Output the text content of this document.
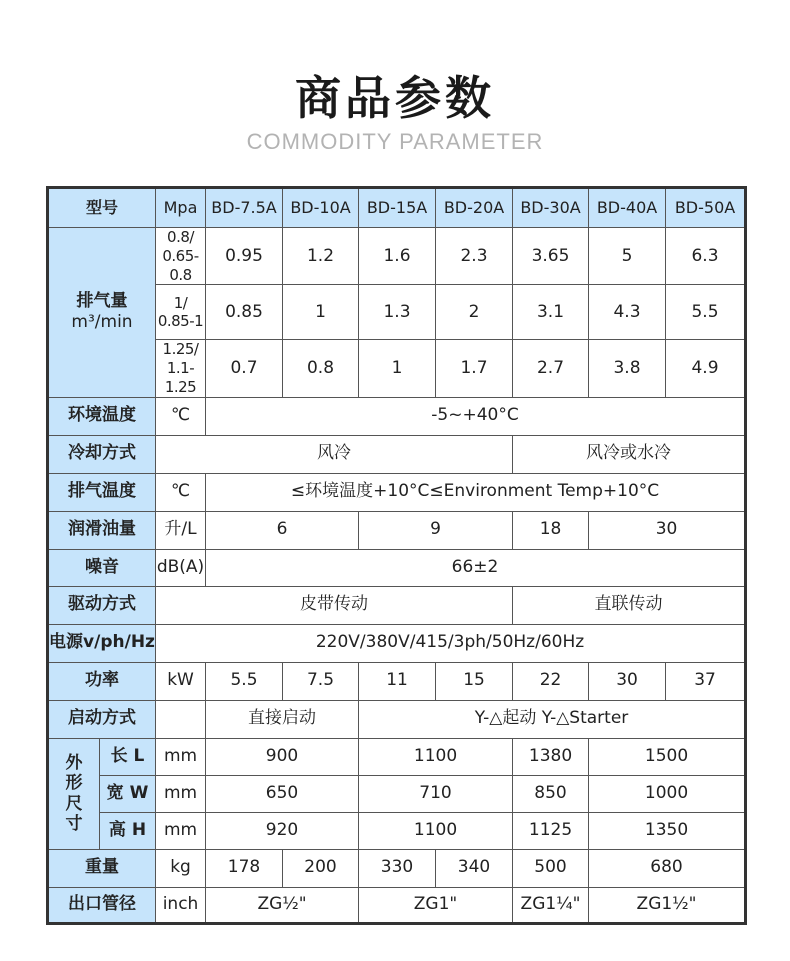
商品参数
COMMODITY PARAMETER
型号		Mpa	BD-7.5A	BD-10A	BD-15A	BD-20A	BD-30A	BD-40A	BD-50A

排气量
m³/min		0.8/ 0.65-0.8	0.95	1.2	1.6	2.3	3.65	5	6.3
		1/ 0.85-1	0.85	1	1.3	2	3.1	4.3	5.5
		1.25/ 1.1-1.25	0.7	0.8	1	1.7	2.7	3.8	4.9
环境温度		℃	-5~+40°C						
冷却方式		风冷					风冷或水冷		
排气温度		℃	≤环境温度+10°C≤Environment Temp+10°C						
润滑油量		升/L	6		9		18	30	
噪音		dB(A)	66±2						
驱动方式		皮带传动					直联传动		
电源v/ph/Hz		220V/380V/415/3ph/50Hz/60Hz							
功率		kW	5.5	7.5	11	15	22	30	37
启动方式			直接启动		Y-△起动 Y-△Starter				

外
形
尺
寸	长 L	mm	900		1100		1380	1500	
	宽 W	mm	650		710		850	1000	
	高 H	mm	920		1100		1125	1350	
重量		kg	178	200	330	340	500	680	
出口管径		inch	ZG½"		ZG1"		ZG1¼"	ZG1½"	
